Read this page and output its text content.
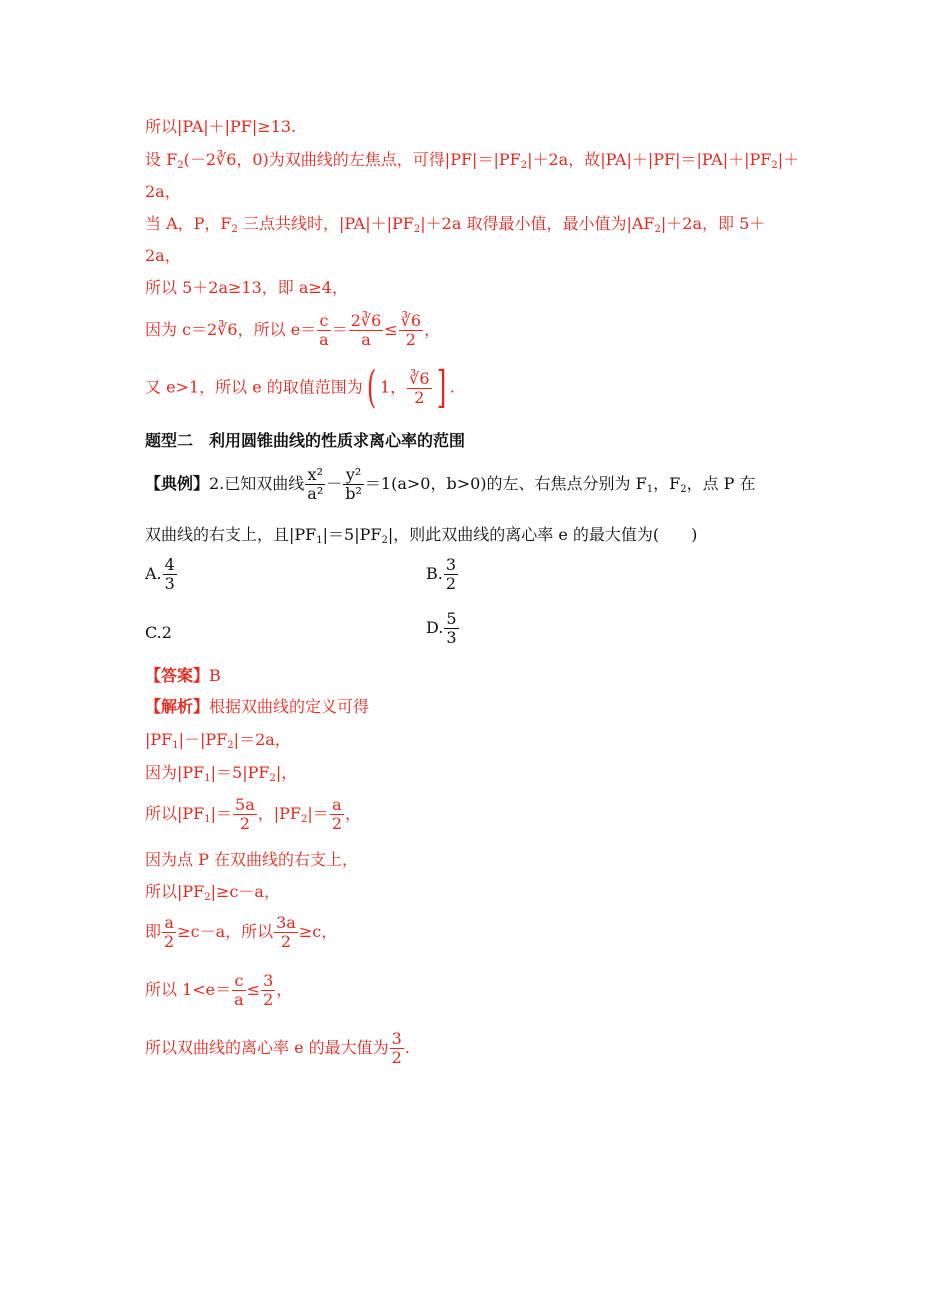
所以|PA|＋|PF|≥13.
设 $F_2(-2∛6$，0)为双曲线的左焦点，可得$|PF|=|PF_2|+2a$，故$|PA|+|PF|=|PA|+|PF_2|+$
2a，
当 A，P，$F_2$ 三点共线时，$|PA|+|PF_2|+2a$ 取得最小值，最小值为$|AF_2|+2a$，即 5＋
2a，
所以 5＋2a≥13，即 a≥4，
因为 c＝2∛6，所以 $e= \frac{c}{a} = \frac{2∛6}{a} \le \frac{∛6}{2}$ ，
又 e>1，所以 e 的取值范围为( 1， $\frac{∛6}{2}$ ] .
题型二　利用圆锥曲线的性质求离心率的范围
【典例】2.已知双曲线 $\frac{\text{x²}}{\text{a²}} - \frac{\text{y²}}{\text{b²}} =1(a>0$，b>0)的左、右焦点分别为 $F_1$，$F_2$，点 P 在
双曲线的右支上，且$|PF_1|=5|PF_2|$，则此双曲线的离心率 e 的最大值为(　　)
A. $\frac{4}{3}$	B. $\frac{3}{2}$
C.2	D. $\frac{5}{3}$
【答案】B
【解析】根据双曲线的定义可得
$|PF_1|-|PF_2|=2a$，
因为$|PF_1|=5|PF_2|$，
所以$|PF_1|= \frac{5a}{2}$ ，$|PF_2|= \frac{a}{2}$ ，
因为点 P 在双曲线的右支上，
所以$|PF_2|\ge c-a$，
即 $\frac{a}{2} \ge c-a$，所以 $\frac{3a}{2} \ge c$，
所以 $1<e= \frac{c}{a} \le \frac{3}{2}$ ，
所以双曲线的离心率 e 的最大值为 $\frac{3}{2}$ .
